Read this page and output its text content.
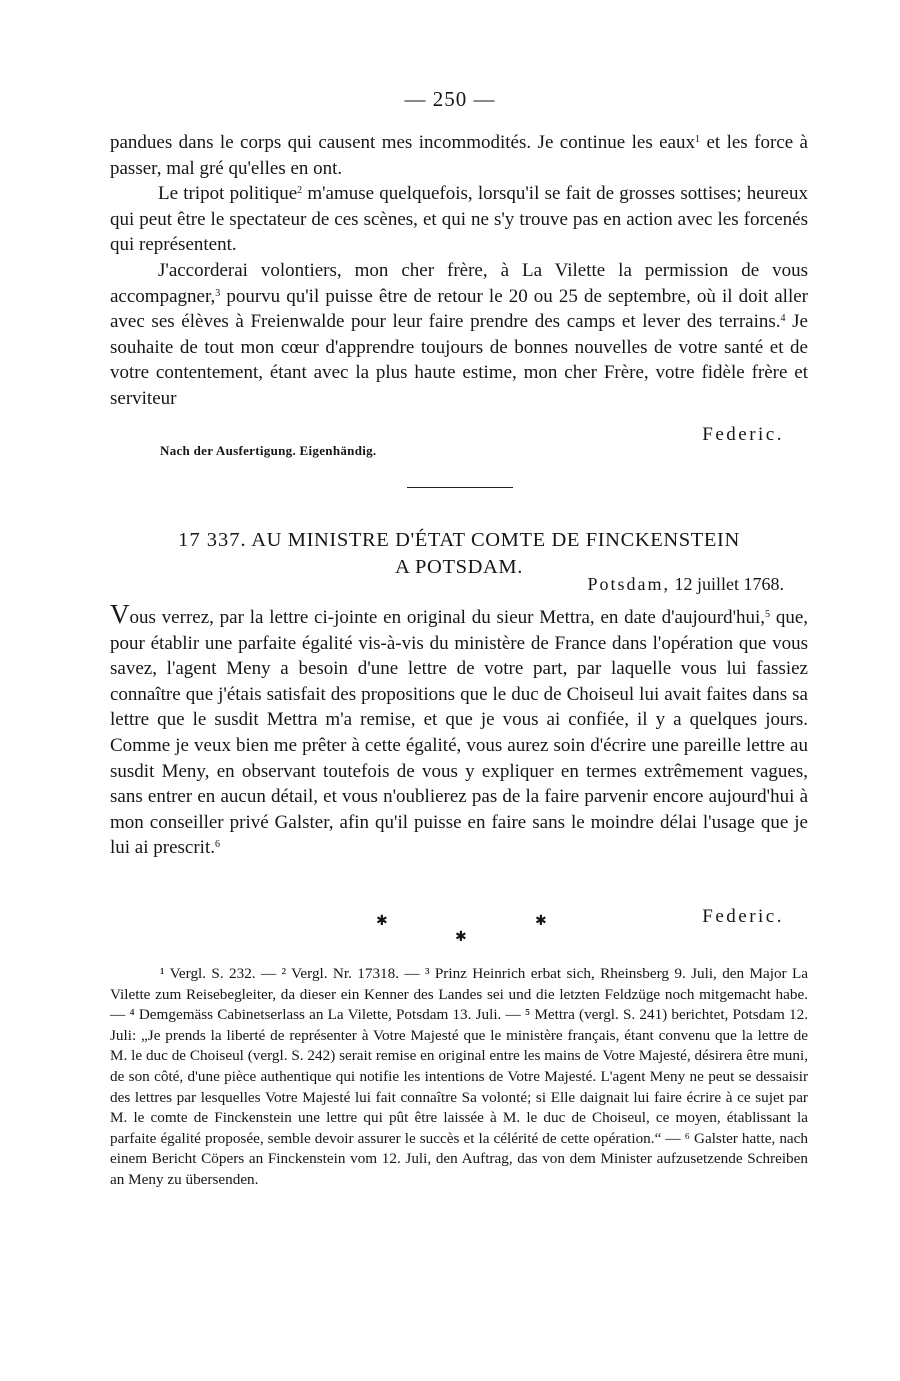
— 250 —

pandues dans le corps qui causent mes incommodités. Je continue les eaux$^1$ et les force à passer, mal gré qu'elles en ont.

Le tripot politique$^2$ m'amuse quelquefois, lorsqu'il se fait de grosses sottises; heureux qui peut être le spectateur de ces scènes, et qui ne s'y trouve pas en action avec les forcenés qui représentent.

J'accorderai volontiers, mon cher frère, à La Vilette la permission de vous accompagner,$^3$ pourvu qu'il puisse être de retour le 20 ou 25 de septembre, où il doit aller avec ses élèves à Freienwalde pour leur faire prendre des camps et lever des terrains.$^4$ Je souhaite de tout mon cœur d'apprendre toujours de bonnes nouvelles de votre santé et de votre contentement, étant avec la plus haute estime, mon cher Frère, votre fidèle frère et serviteur

Federic.
Nach der Ausfertigung. Eigenhändig.
17 337. AU MINISTRE D'ÉTAT COMTE DE FINCKENSTEIN
A POTSDAM.
Potsdam, 12 juillet 1768.

Vous verrez, par la lettre ci-jointe en original du sieur Mettra, en date d'aujourd'hui,$^5$ que, pour établir une parfaite égalité vis-à-vis du ministère de France dans l'opération que vous savez, l'agent Meny a besoin d'une lettre de votre part, par laquelle vous lui fassiez connaître que j'étais satisfait des propositions que le duc de Choiseul lui avait faites dans sa lettre que le susdit Mettra m'a remise, et que je vous ai confiée, il y a quelques jours. Comme je veux bien me prêter à cette égalité, vous aurez soin d'écrire une pareille lettre au susdit Meny, en observant toutefois de vous y expliquer en termes extrêmement vagues, sans entrer en aucun détail, et vous n'oublierez pas de la faire parvenir encore aujourd'hui à mon conseiller privé Galster, afin qu'il puisse en faire sans le moindre délai l'usage que je lui ai prescrit.$^6$

Federic.
✱	✱
✱

¹ Vergl. S. 232. — ² Vergl. Nr. 17318. — ³ Prinz Heinrich erbat sich, Rheinsberg 9. Juli, den Major La Vilette zum Reisebegleiter, da dieser ein Kenner des Landes sei und die letzten Feldzüge noch mitgemacht habe. — ⁴ Demgemäss Cabinetserlass an La Vilette, Potsdam 13. Juli. — ⁵ Mettra (vergl. S. 241) berichtet, Potsdam 12. Juli: „Je prends la liberté de représenter à Votre Majesté que le ministère français, étant convenu que la lettre de M. le duc de Choiseul (vergl. S. 242) serait remise en original entre les mains de Votre Majesté, désirera être muni, de son côté, d'une pièce authentique qui notifie les intentions de Votre Majesté. L'agent Meny ne peut se dessaisir des lettres par lesquelles Votre Majesté lui fait connaître Sa volonté; si Elle daignait lui faire écrire à ce sujet par M. le comte de Finckenstein une lettre qui pût être laissée à M. le duc de Choiseul, ce moyen, établissant la parfaite égalité proposée, semble devoir assurer le succès et la célérité de cette opération.“ — ⁶ Galster hatte, nach einem Bericht Cöpers an Finckenstein vom 12. Juli, den Auftrag, das von dem Minister aufzusetzende Schreiben an Meny zu übersenden.
